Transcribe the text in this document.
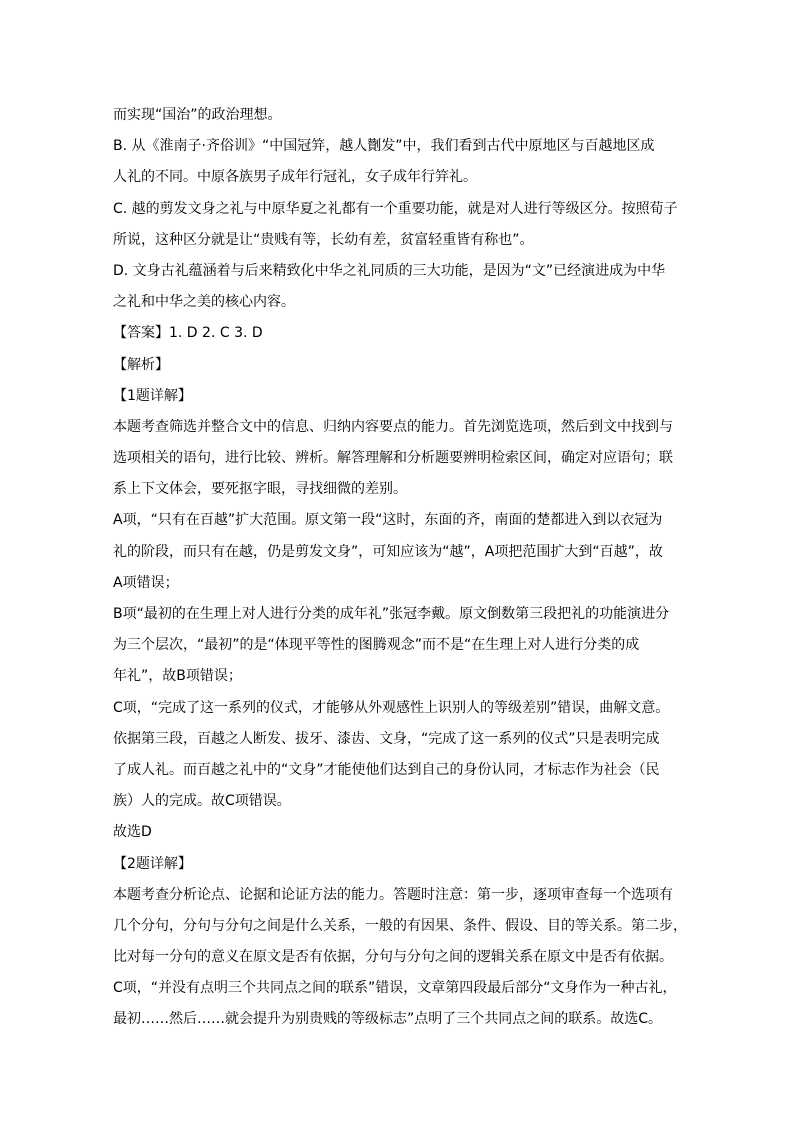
而实现“国治”的政治理想。
B. 从《淮南子·齐俗训》“中国冠笄，越人劗发”中，我们看到古代中原地区与百越地区成
人礼的不同。中原各族男子成年行冠礼，女子成年行笄礼。
C. 越的剪发文身之礼与中原华夏之礼都有一个重要功能，就是对人进行等级区分。按照荀子
所说，这种区分就是让“贵贱有等，长幼有差，贫富轻重皆有称也”。
D. 文身古礼蕴涵着与后来精致化中华之礼同质的三大功能，是因为“文”已经演进成为中华
之礼和中华之美的核心内容。
【答案】1. D 2. C 3. D
【解析】
【1题详解】
本题考查筛选并整合文中的信息、归纳内容要点的能力。首先浏览选项，然后到文中找到与
选项相关的语句，进行比较、辨析。解答理解和分析题要辨明检索区间，确定对应语句；联
系上下文体会，要死抠字眼，寻找细微的差别。
A项，“只有在百越”扩大范围。原文第一段“这时，东面的齐，南面的楚都进入到以衣冠为
礼的阶段，而只有在越，仍是剪发文身”，可知应该为“越”，A项把范围扩大到“百越”，故
A项错误；
B项“最初的在生理上对人进行分类的成年礼”张冠李戴。原文倒数第三段把礼的功能演进分
为三个层次，“最初”的是“体现平等性的图腾观念”而不是“在生理上对人进行分类的成
年礼”，故B项错误；
C项，“完成了这一系列的仪式，才能够从外观感性上识别人的等级差别”错误，曲解文意。
依据第三段，百越之人断发、拔牙、漆齿、文身，“完成了这一系列的仪式”只是表明完成
了成人礼。而百越之礼中的“文身”才能使他们达到自己的身份认同，才标志作为社会（民
族）人的完成。故C项错误。
故选D
【2题详解】
本题考查分析论点、论据和论证方法的能力。答题时注意：第一步，逐项审查每一个选项有
几个分句，分句与分句之间是什么关系，一般的有因果、条件、假设、目的等关系。第二步，
比对每一分句的意义在原文是否有依据，分句与分句之间的逻辑关系在原文中是否有依据。
C项，“并没有点明三个共同点之间的联系”错误，文章第四段最后部分“文身作为一种古礼，
最初……然后……就会提升为别贵贱的等级标志”点明了三个共同点之间的联系。故选C。
